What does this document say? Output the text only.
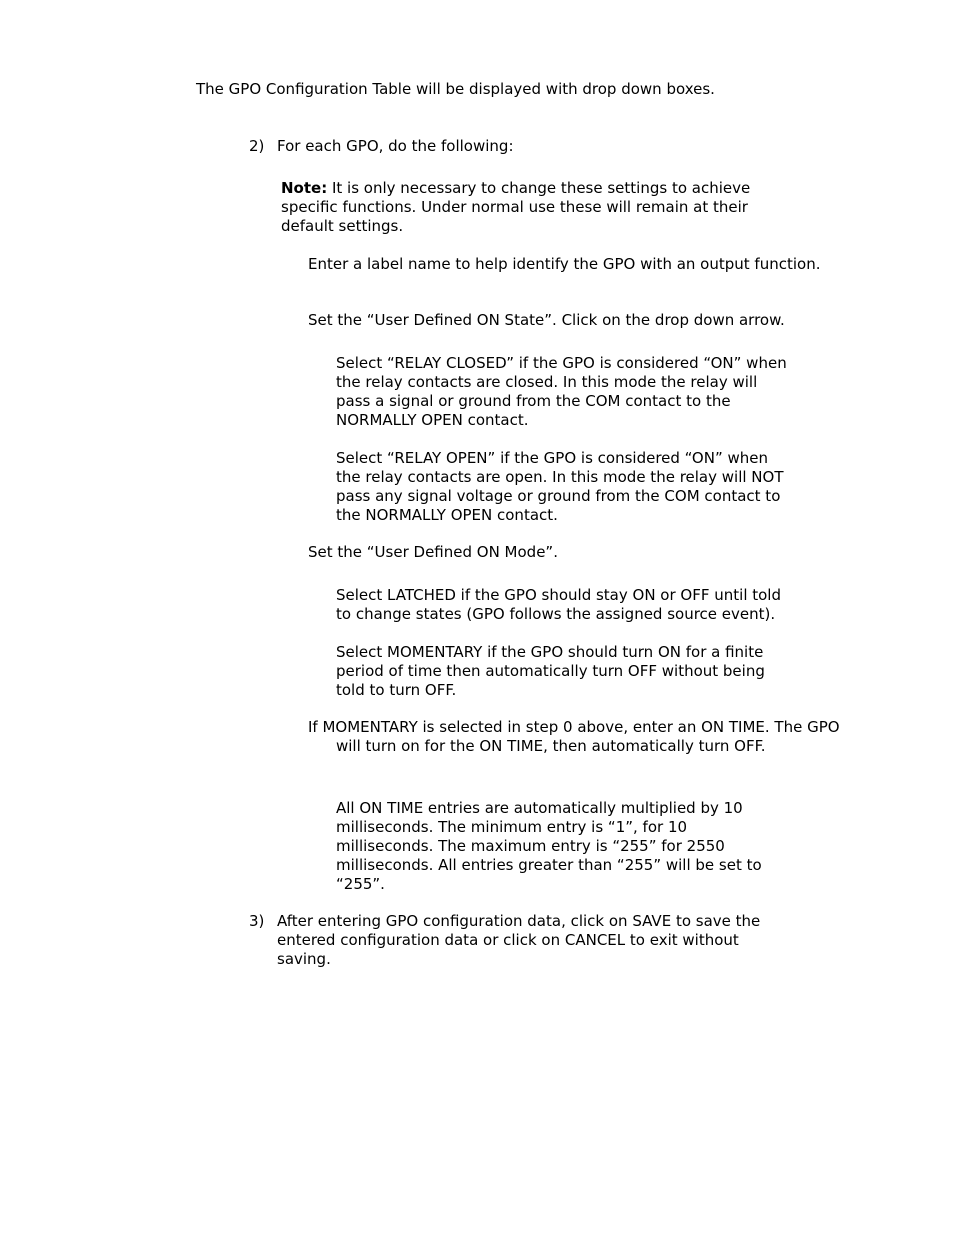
The GPO Configuration Table will be displayed with drop down boxes.

2) For each GPO, do the following:

Note: It is only necessary to change these settings to achieve
specific functions. Under normal use these will remain at their
default settings.

Enter a label name to help identify the GPO with an output function.

Set the “User Defined ON State”. Click on the drop down arrow.

Select “RELAY CLOSED” if the GPO is considered “ON” when
the relay contacts are closed. In this mode the relay will
pass a signal or ground from the COM contact to the
NORMALLY OPEN contact.

Select “RELAY OPEN” if the GPO is considered “ON” when
the relay contacts are open. In this mode the relay will NOT
pass any signal voltage or ground from the COM contact to
the NORMALLY OPEN contact.

Set the “User Defined ON Mode”.

Select LATCHED if the GPO should stay ON or OFF until told
to change states (GPO follows the assigned source event).

Select MOMENTARY if the GPO should turn ON for a finite
period of time then automatically turn OFF without being
told to turn OFF.

If MOMENTARY is selected in step 0 above, enter an ON TIME. The GPO will turn on for the ON TIME, then automatically turn OFF.

All ON TIME entries are automatically multiplied by 10
milliseconds. The minimum entry is “1”, for 10
milliseconds. The maximum entry is “255” for 2550
milliseconds. All entries greater than “255” will be set to
“255”.

3) After entering GPO configuration data, click on SAVE to save the
entered configuration data or click on CANCEL to exit without
saving.
